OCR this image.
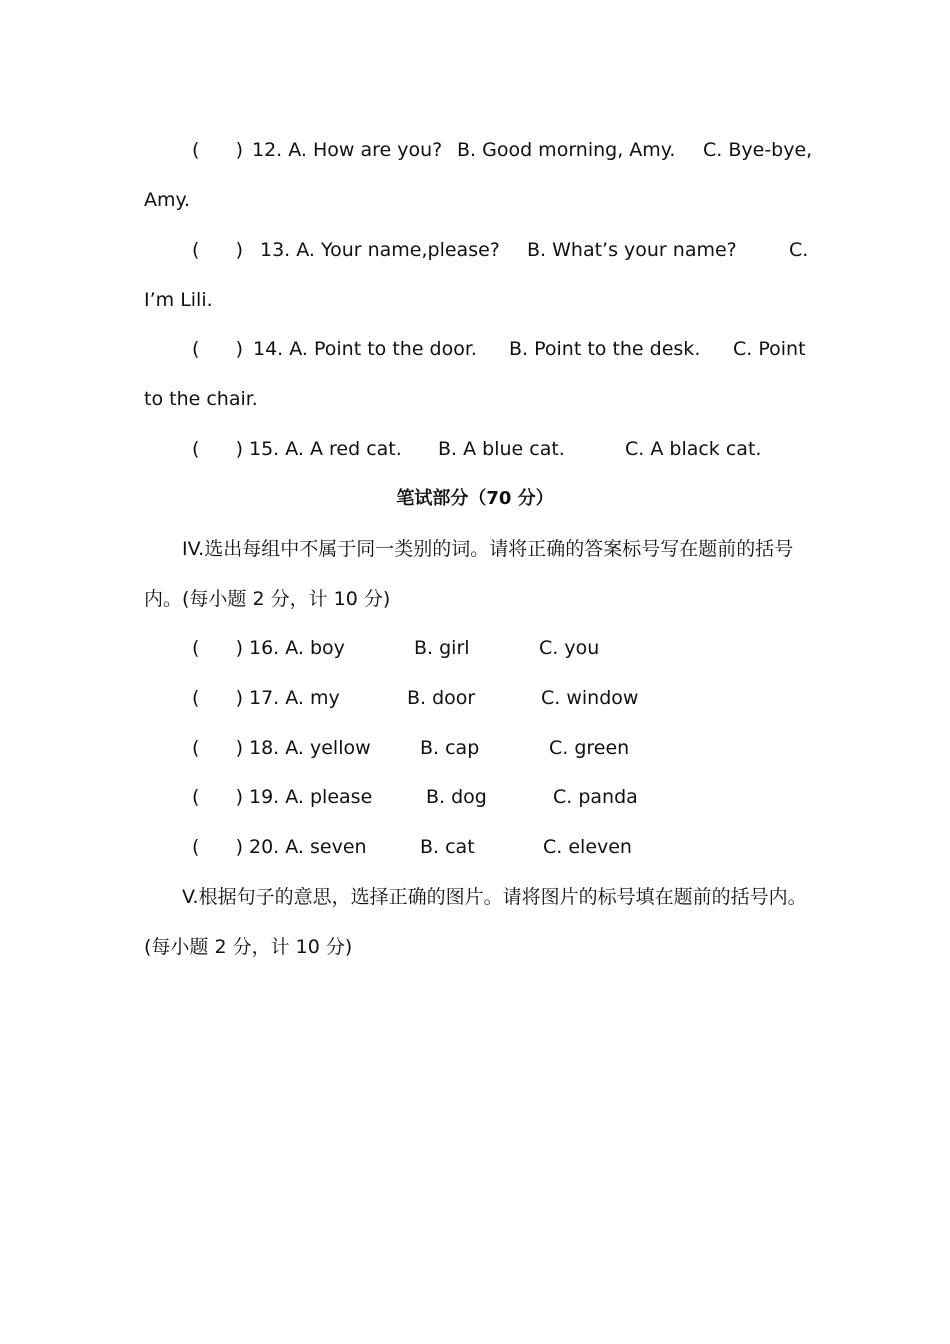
(      ) 12. A. How are you? B. Good morning, Amy. C. Bye-bye,
Amy.
(      ) 13. A. Your name,please? B. What’s your name?	C.
I’m Lili.
(      ) 14. A. Point to the door. B. Point to the desk. C. Point
to the chair.
(      ) 15. A. A red cat. B. A blue cat.	C. A black cat.
笔试部分（70 分）
IV.选出每组中不属于同一类别的词。请将正确的答案标号写在题前的括号
内。(每小题 2 分，计 10 分)
(      ) 16. A. boy	B. girl	C. you
(      ) 17. A. my	B. door	C. window
(      ) 18. A. yellow	B. cap	C. green
(      ) 19. A. please	B. dog	C. panda
(      ) 20. A. seven	B. cat	C. eleven
V.根据句子的意思，选择正确的图片。请将图片的标号填在题前的括号内。
(每小题 2 分，计 10 分)
